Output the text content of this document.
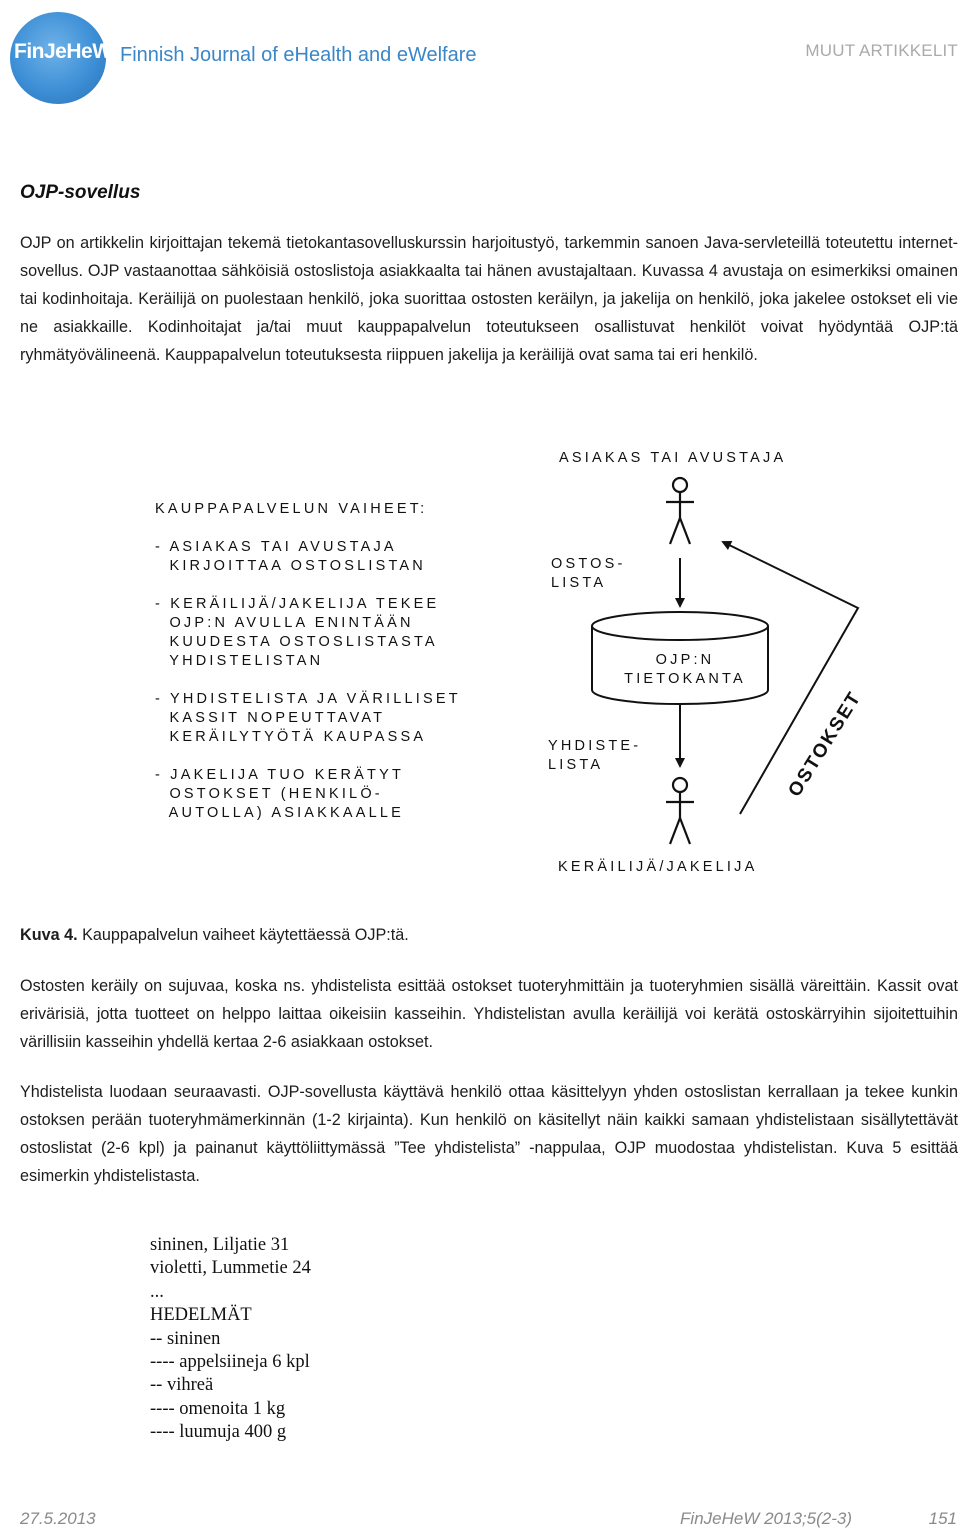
FinJeHeW Finnish Journal of eHealth and eWelfare	MUUT ARTIKKELIT
OJP-sovellus
OJP on artikkelin kirjoittajan tekemä tietokantasovelluskurssin harjoitustyö, tarkemmin sanoen Java-servleteillä toteutettu internet-sovellus. OJP vastaanottaa sähköisiä ostoslistoja asiakkaalta tai hänen avustajaltaan. Kuvassa 4 avustaja on esimerkiksi omainen tai kodinhoitaja. Keräilijä on puolestaan henkilö, joka suorittaa ostosten keräilyn, ja jakelija on henkilö, joka jakelee ostokset eli vie ne asiakkaille. Kodinhoitajat ja/tai muut kauppapalvelun toteutukseen osallistuvat henkilöt voivat hyödyntää OJP:tä ryhmätyövälineenä. Kauppapalvelun toteutuksesta riippuen jakelija ja keräilijä ovat sama tai eri henkilö.
OSTOKSET
ASIAKAS TAI AVUSTAJA
KAUPPAPALVELUN VAIHEET:
- ASIAKAS TAI AVUSTAJA
KIRJOITTAA OSTOSLISTAN
- KERÄILIJÄ/JAKELIJA TEKEE
OJP:N AVULLA ENINTÄÄN
KUUDESTA OSTOSLISTASTA
YHDISTELISTAN
- YHDISTELISTA JA VÄRILLISET
KASSIT NOPEUTTAVAT
KERÄILYTYÖTÄ KAUPASSA
- JAKELIJA TUO KERÄTYT
OSTOKSET (HENKILÖ-
AUTOLLA) ASIAKKAALLE
OSTOS-
LISTA
OJP:N
TIETOKANTA
YHDISTE-
LISTA
KERÄILIJÄ/JAKELIJA
Kuva 4. Kauppapalvelun vaiheet käytettäessä OJP:tä.
Ostosten keräily on sujuvaa, koska ns. yhdistelista esittää ostokset tuoteryhmittäin ja tuoteryhmien sisällä väreittäin. Kassit ovat erivärisiä, jotta tuotteet on helppo laittaa oikeisiin kasseihin. Yhdistelistan avulla keräilijä voi kerätä ostoskärryihin sijoitettuihin värillisiin kasseihin yhdellä kertaa 2-6 asiakkaan ostokset.
Yhdistelista luodaan seuraavasti. OJP-sovellusta käyttävä henkilö ottaa käsittelyyn yhden ostoslistan kerrallaan ja tekee kunkin ostoksen perään tuoteryhmämerkinnän (1-2 kirjainta). Kun henkilö on käsitellyt näin kaikki samaan yhdistelistaan sisällytettävät ostoslistat (2-6 kpl) ja painanut käyttöliittymässä ”Tee yhdistelista” -nappulaa, OJP muodostaa yhdistelistan. Kuva 5 esittää esimerkin yhdistelistasta.
sininen, Liljatie 31
violetti, Lummetie 24
...
HEDELMÄT
-- sininen
---- appelsiineja 6 kpl
-- vihreä
---- omenoita 1 kg
---- luumuja 400 g
27.5.2013	FinJeHeW 2013;5(2-3)	151
